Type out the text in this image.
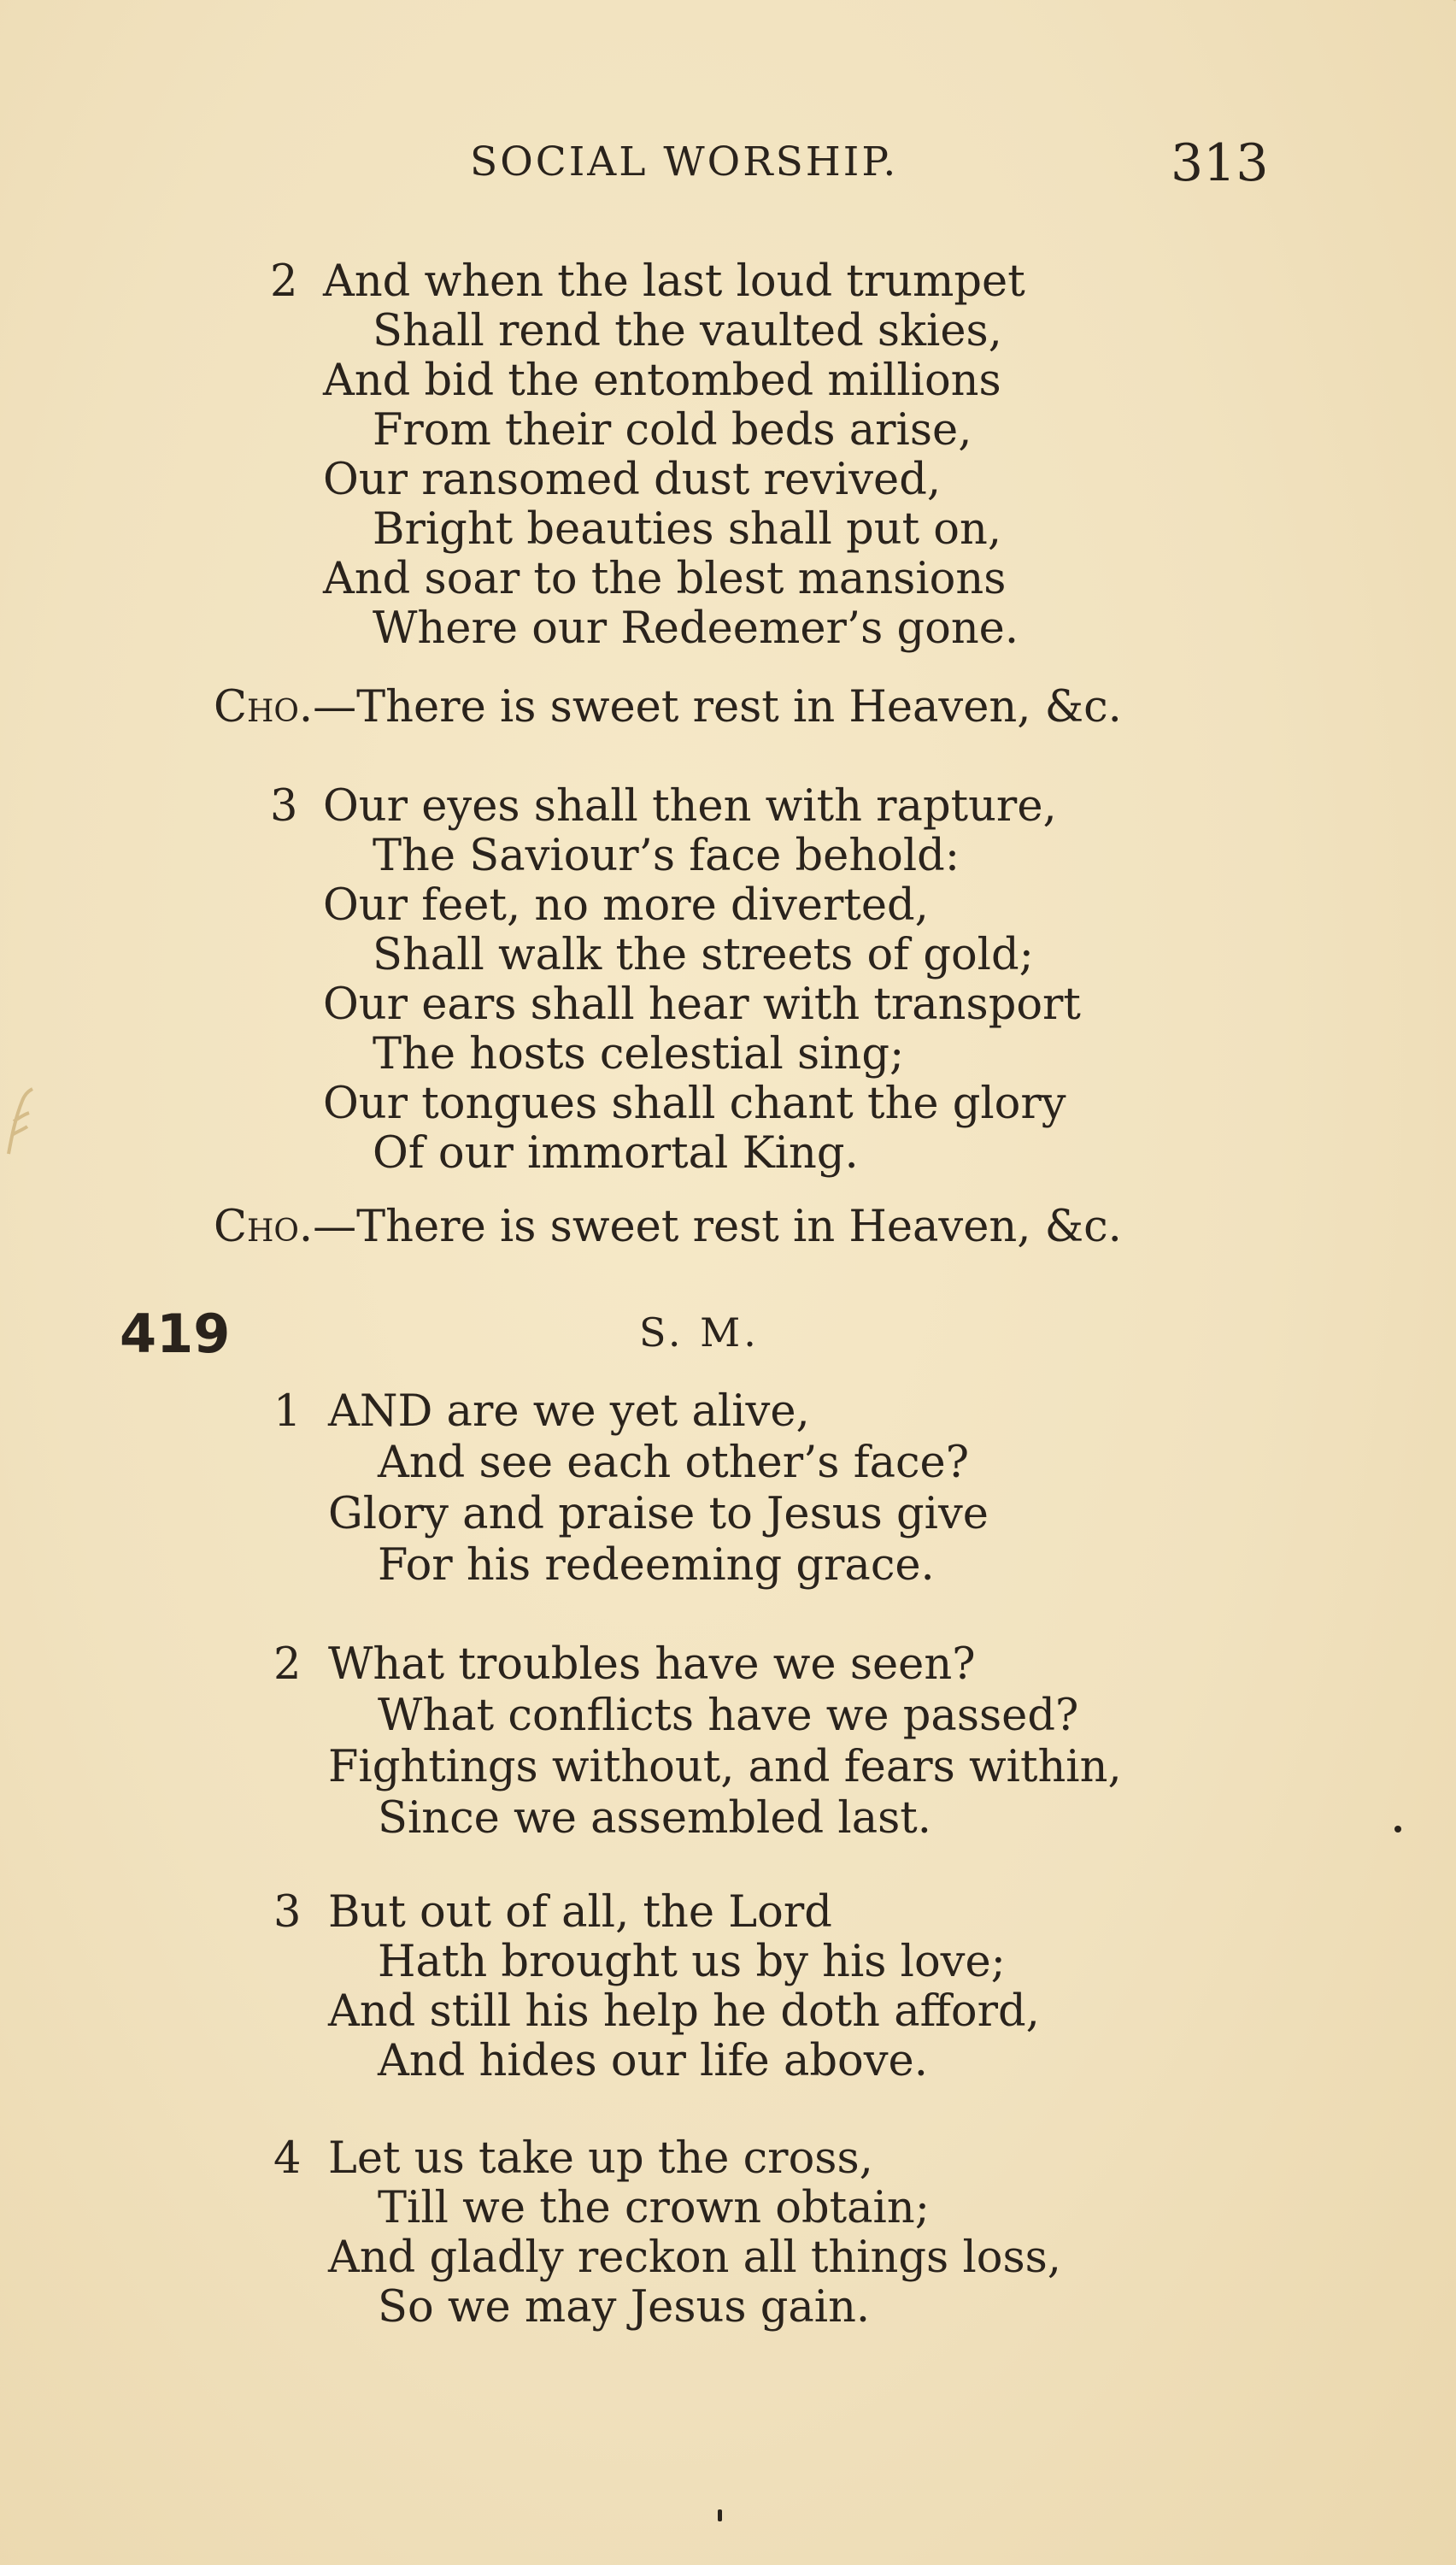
SOCIAL WORSHIP.	313
2 And when the last loud trumpet
Shall rend the vaulted skies,
And bid the entombed millions
From their cold beds arise,
Our ransomed dust revived,
Bright beauties shall put on,
And soar to the blest mansions
Where our Redeemer’s gone.
Cho.—There is sweet rest in Heaven, &c.
3 Our eyes shall then with rapture,
The Saviour’s face behold:
Our feet, no more diverted,
Shall walk the streets of gold;
Our ears shall hear with transport
The hosts celestial sing;
Our tongues shall chant the glory
Of our immortal King.
Cho.—There is sweet rest in Heaven, &c.
419	S. M.
1 AND are we yet alive,
And see each other’s face?
Glory and praise to Jesus give
For his redeeming grace.
2 What troubles have we seen?
What conflicts have we passed?
Fightings without, and fears within,
Since we assembled last.
3 But out of all, the Lord
Hath brought us by his love;
And still his help he doth afford,
And hides our life above.
4 Let us take up the cross,
Till we the crown obtain;
And gladly reckon all things loss,
So we may Jesus gain.
